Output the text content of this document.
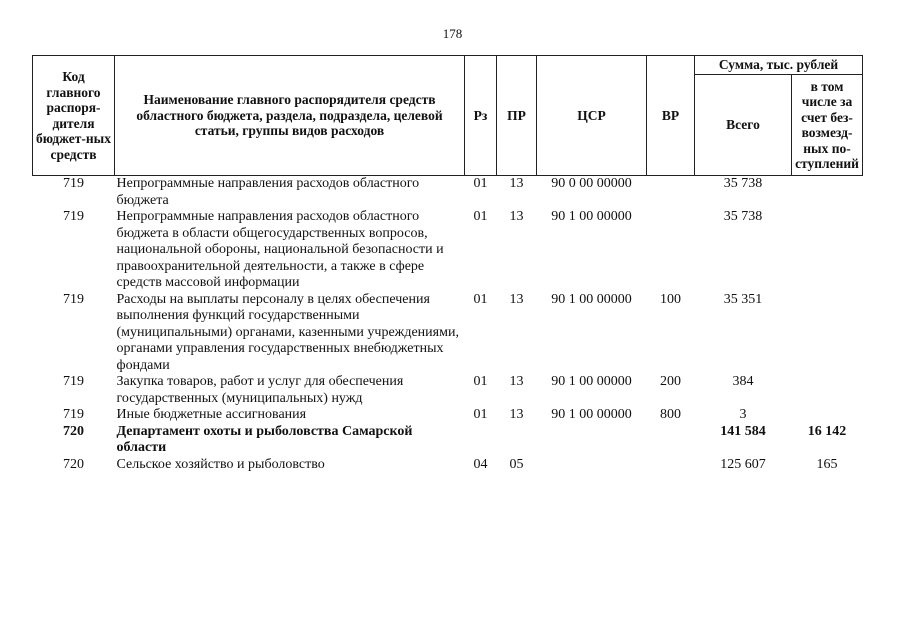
178
Код главного распоря-дителя бюджет-ных средств	Наименование главного распорядителя средств областного бюджета, раздела, подраздела, целевой статьи, группы видов расходов	Рз	ПР	ЦСР	ВР	Сумма, тыс. рублей	
						Всего	в том числе за счет без-возмезд-ных по-ступлений
719	Непрограммные направления расходов областного бюджета	01	13	90 0 00 00000		35 738	
719	Непрограммные направления расходов областного бюджета в области общегосударственных вопросов, национальной обороны, национальной безопасности и правоохранительной деятельности, а также в сфере средств массовой информации	01	13	90 1 00 00000		35 738	
719	Расходы на выплаты персоналу в целях обеспечения выполнения функций государственными (муниципальными) органами, казенными учреждениями, органами управления государственных внебюджетных фондами	01	13	90 1 00 00000	100	35 351	
719	Закупка товаров, работ и услуг для обеспечения государственных (муниципальных) нужд	01	13	90 1 00 00000	200	384	
719	Иные бюджетные ассигнования	01	13	90 1 00 00000	800	3	
720	Департамент охоты и рыболовства Самарской области					141 584	16 142
720	Сельское хозяйство и рыболовство	04	05			125 607	165
